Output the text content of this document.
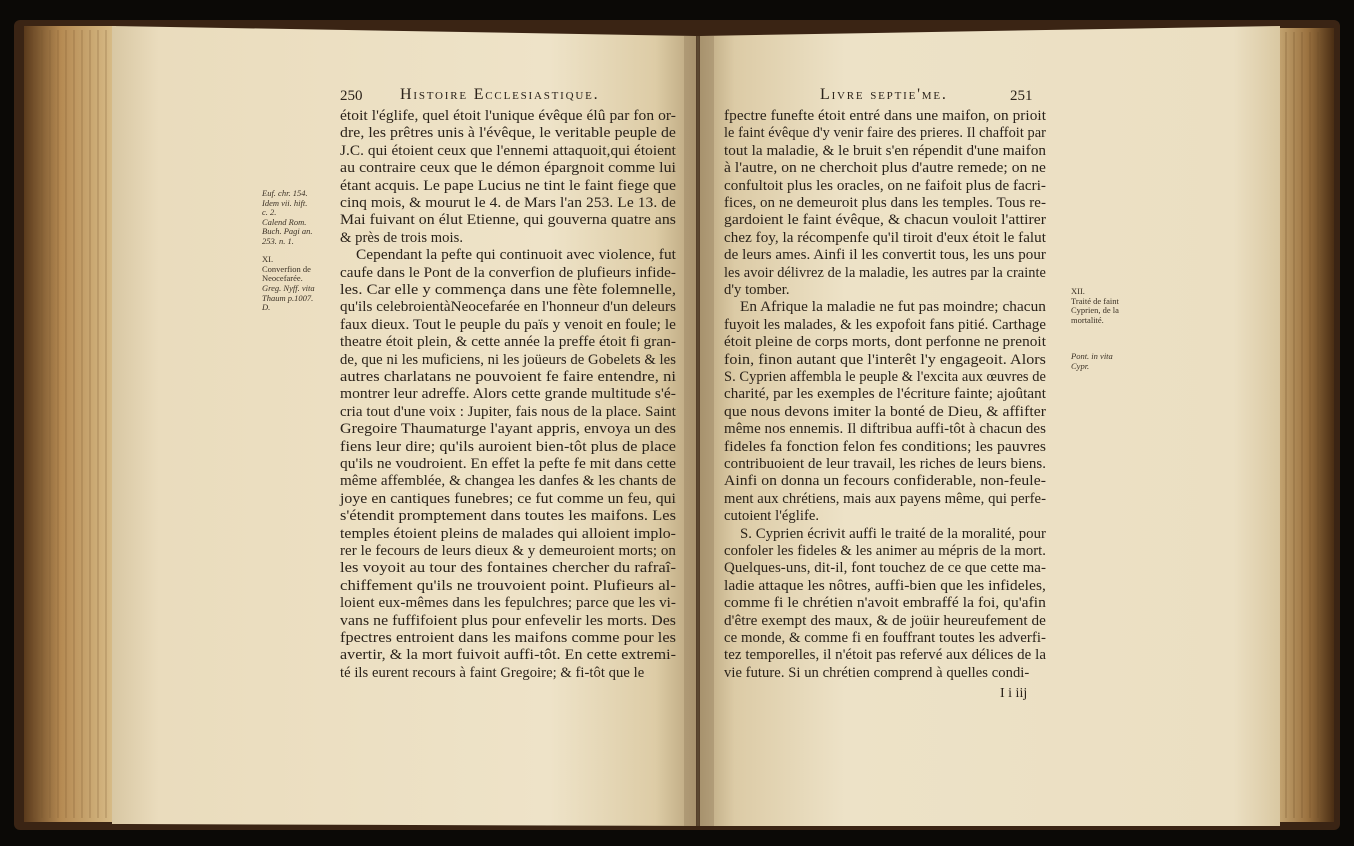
250 Histoire Ecclesiastique.
étoit l'églife, quel étoit l'unique évêque élû par fon or-
dre, les prêtres unis à l'évêque, le veritable peuple de
J.C. qui étoient ceux que l'ennemi attaquoit,qui étoient
au contraire ceux que le démon épargnoit comme lui
étant acquis. Le pape Lucius ne tint le faint fiege que
cinq mois, & mourut le 4. de Mars l'an 253. Le 13. de
Mai fuivant on élut Etienne, qui gouverna quatre ans
& près de trois mois.
Cependant la pefte qui continuoit avec violence, fut
caufe dans le Pont de la converfion de plufieurs infide-
les. Car elle y commença dans une fète folemnelle,
qu'ils celebroientàNeocefarée en l'honneur d'un deleurs
faux dieux. Tout le peuple du païs y venoit en foule; le
theatre étoit plein, & cette année la preffe étoit fi gran-
de, que ni les muficiens, ni les joüeurs de Gobelets & les
autres charlatans ne pouvoient fe faire entendre, ni
montrer leur adreffe. Alors cette grande multitude s'é-
cria tout d'une voix : Jupiter, fais nous de la place. Saint
Gregoire Thaumaturge l'ayant appris, envoya un des
fiens leur dire; qu'ils auroient bien-tôt plus de place
qu'ils ne voudroient. En effet la pefte fe mit dans cette
même affemblée, & changea les danfes & les chants de
joye en cantiques funebres; ce fut comme un feu, qui
s'étendit promptement dans toutes les maifons. Les
temples étoient pleins de malades qui alloient implo-
rer le fecours de leurs dieux & y demeuroient morts; on
les voyoit au tour des fontaines chercher du rafraî-
chiffement qu'ils ne trouvoient point. Plufieurs al-
loient eux-mêmes dans les fepulchres; parce que les vi-
vans ne fuffifoient plus pour enfevelir les morts. Des
fpectres entroient dans les maifons comme pour les
avertir, & la mort fuivoit auffi-tôt. En cette extremi-
té ils eurent recours à faint Gregoire; & fi-tôt que le
Euf. chr. 154.
Idem vii. hift.
c. 2.
Calend Rom.
Buch. Pagi an.
253. n. 1.
XI.
Converfion de
Neocefarée.
Greg. Nyff. vita
Thaum p.1007.
D.
Livre septie'me.	251
fpectre funefte étoit entré dans une maifon, on prioit
le faint évêque d'y venir faire des prieres. Il chaffoit par
tout la maladie, & le bruit s'en répendit d'une maifon
à l'autre, on ne cherchoit plus d'autre remede; on ne
confultoit plus les oracles, on ne faifoit plus de facri-
fices, on ne demeuroit plus dans les temples. Tous re-
gardoient le faint évêque, & chacun vouloit l'attirer
chez foy, la récompenfe qu'il tiroit d'eux étoit le falut
de leurs ames. Ainfi il les convertit tous, les uns pour
les avoir délivrez de la maladie, les autres par la crainte
d'y tomber.
En Afrique la maladie ne fut pas moindre; chacun
fuyoit les malades, & les expofoit fans pitié. Carthage
étoit pleine de corps morts, dont perfonne ne prenoit
foin, finon autant que l'interêt l'y engageoit. Alors
S. Cyprien affembla le peuple & l'excita aux œuvres de
charité, par les exemples de l'écriture fainte; ajoûtant
que nous devons imiter la bonté de Dieu, & affifter
même nos ennemis. Il diftribua auffi-tôt à chacun des
fideles fa fonction felon fes conditions; les pauvres
contribuoient de leur travail, les riches de leurs biens.
Ainfi on donna un fecours confiderable, non-feule-
ment aux chrétiens, mais aux payens même, qui perfe-
cutoient l'églife.
S. Cyprien écrivit auffi le traité de la moralité, pour
confoler les fideles & les animer au mépris de la mort.
Quelques-uns, dit-il, font touchez de ce que cette ma-
ladie attaque les nôtres, auffi-bien que les infideles,
comme fi le chrétien n'avoit embraffé la foi, qu'afin
d'être exempt des maux, & de joüir heureufement de
ce monde, & comme fi en fouffrant toutes les adverfi-
tez temporelles, il n'étoit pas refervé aux délices de la
vie future. Si un chrétien comprend à quelles condi-
XII.
Traité de faint
Cyprien, de la
mortalité.
Pont. in vita
Cypr.
I i iij
